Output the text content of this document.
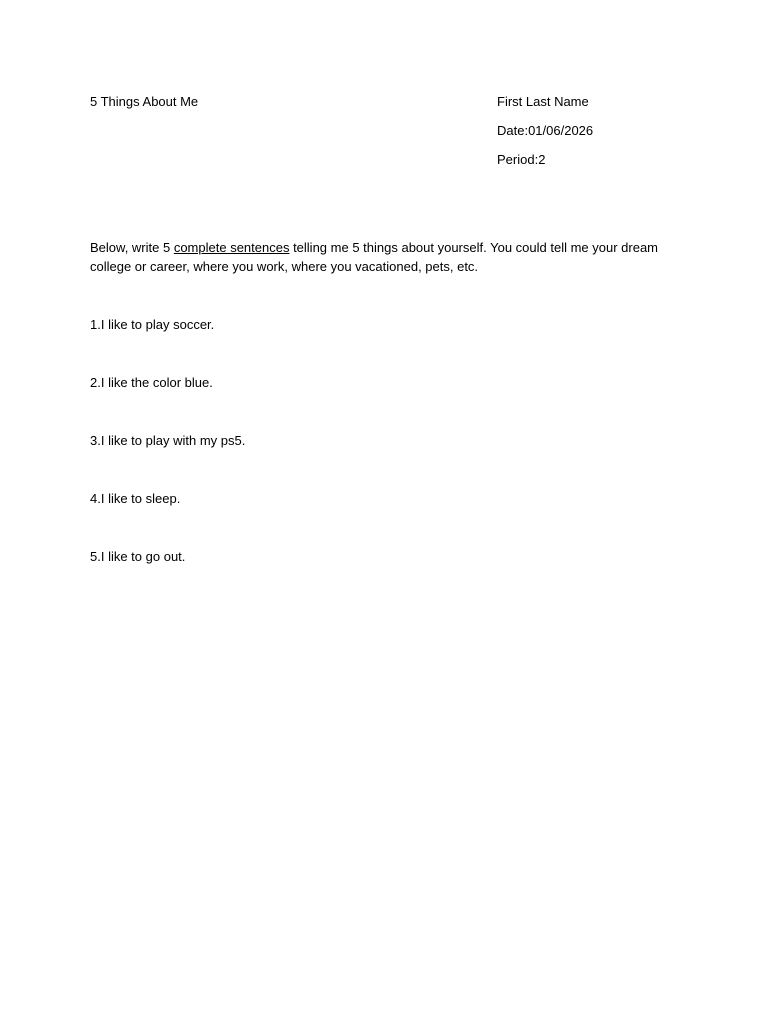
5 Things About Me	First Last Name
Date:01/06/2026
Period:2
Below, write 5 complete sentences telling me 5 things about yourself. You could tell me your dream college or career, where you work, where you vacationed, pets, etc.
1.I like to play soccer.
2.I like the color blue.
3.I like to play with my ps5.
4.I like to sleep.
5.I like to go out.
